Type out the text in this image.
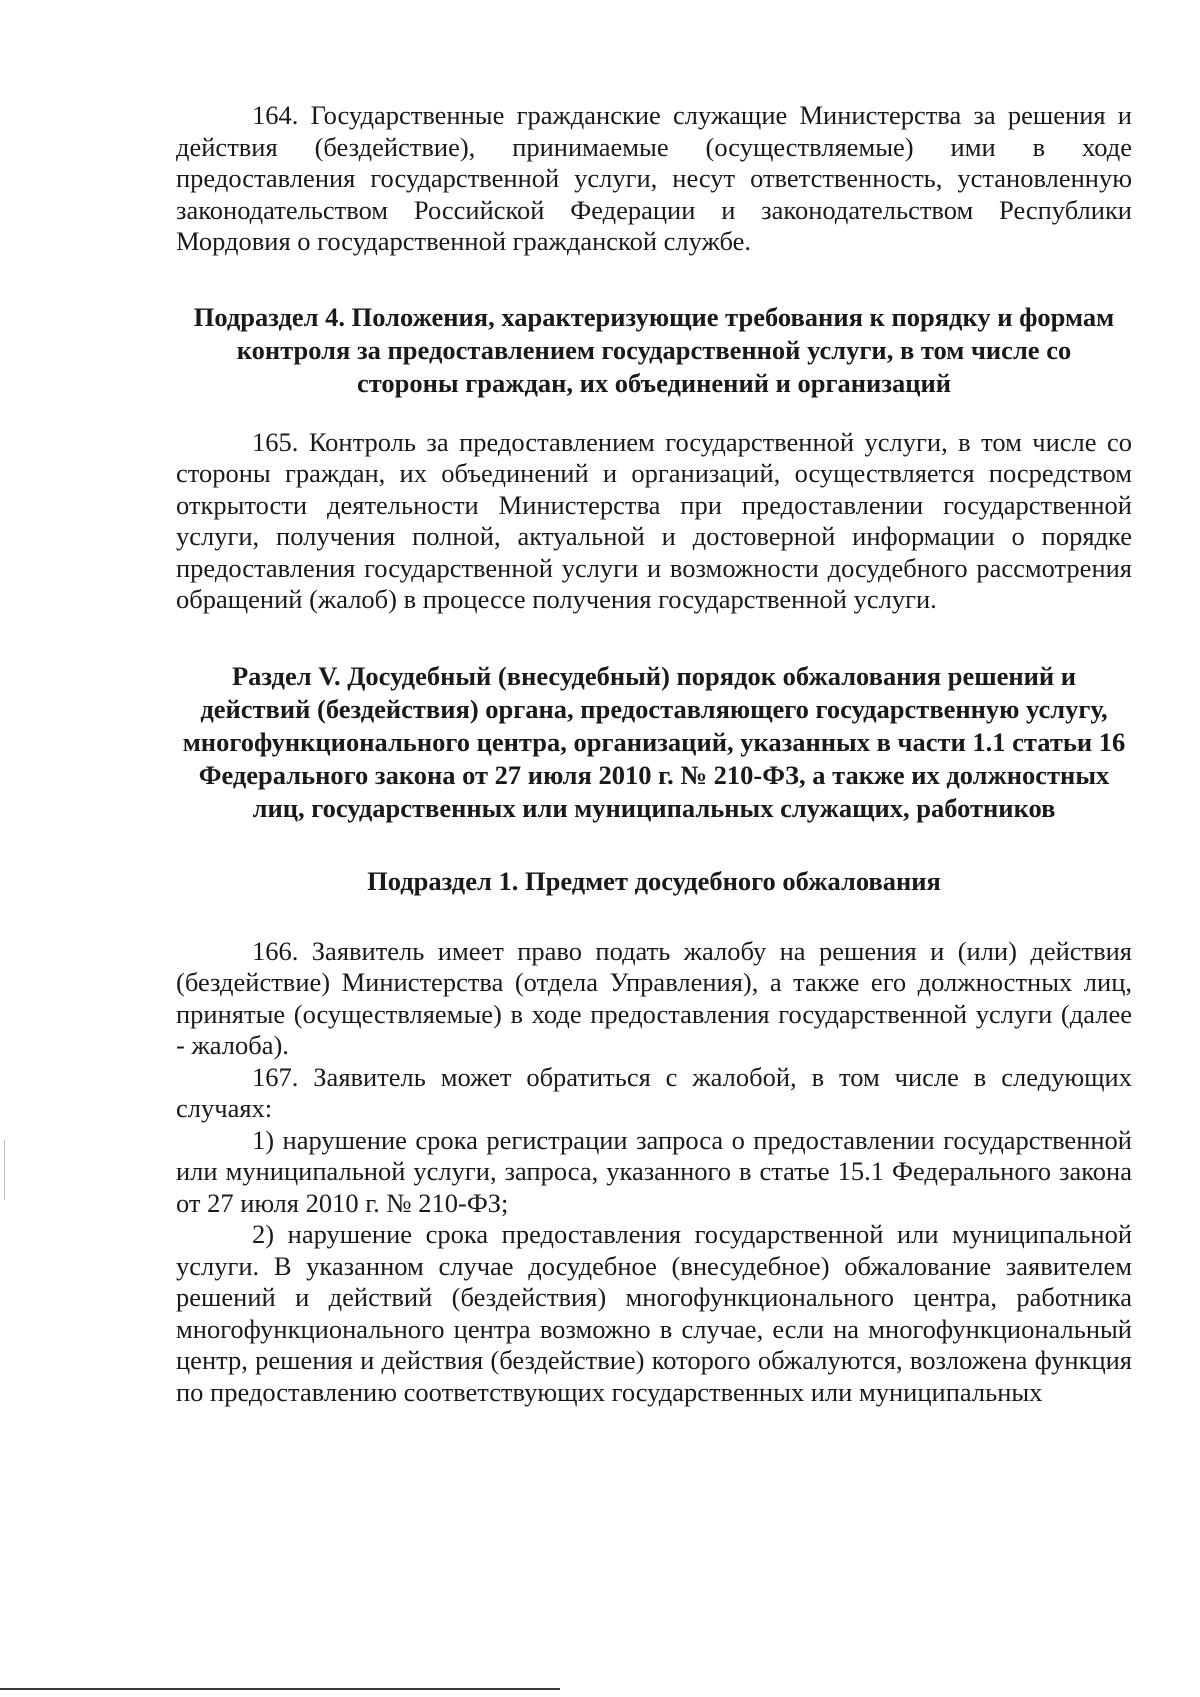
164. Государственные гражданские служащие Министерства за решения и действия (бездействие), принимаемые (осуществляемые) ими в ходе предоставления государственной услуги, несут ответственность, установленную законодательством Российской Федерации и законодательством Республики Мордовия о государственной гражданской службе.

Подраздел 4. Положения, характеризующие требования к порядку и формам контроля за предоставлением государственной услуги, в том числе со стороны граждан, их объединений и организаций

165. Контроль за предоставлением государственной услуги, в том числе со стороны граждан, их объединений и организаций, осуществляется посредством открытости деятельности Министерства при предоставлении государственной услуги, получения полной, актуальной и достоверной информации о порядке предоставления государственной услуги и возможности досудебного рассмотрения обращений (жалоб) в процессе получения государственной услуги.

Раздел V. Досудебный (внесудебный) порядок обжалования решений и действий (бездействия) органа, предоставляющего государственную услугу, многофункционального центра, организаций, указанных в части 1.1 статьи 16 Федерального закона от 27 июля 2010 г. № 210-ФЗ, а также их должностных лиц, государственных или муниципальных служащих, работников
Подраздел 1. Предмет досудебного обжалования

166. Заявитель имеет право подать жалобу на решения и (или) действия (бездействие) Министерства (отдела Управления), а также его должностных лиц, принятые (осуществляемые) в ходе предоставления государственной услуги (далее - жалоба).

167. Заявитель может обратиться с жалобой, в том числе в следующих случаях:

1) нарушение срока регистрации запроса о предоставлении государственной или муниципальной услуги, запроса, указанного в статье 15.1 Федерального закона от 27 июля 2010 г. № 210-ФЗ;

2) нарушение срока предоставления государственной или муниципальной услуги. В указанном случае досудебное (внесудебное) обжалование заявителем решений и действий (бездействия) многофункционального центра, работника многофункционального центра возможно в случае, если на многофункциональный центр, решения и действия (бездействие) которого обжалуются, возложена функция по предоставлению соответствующих государственных или муниципальных
